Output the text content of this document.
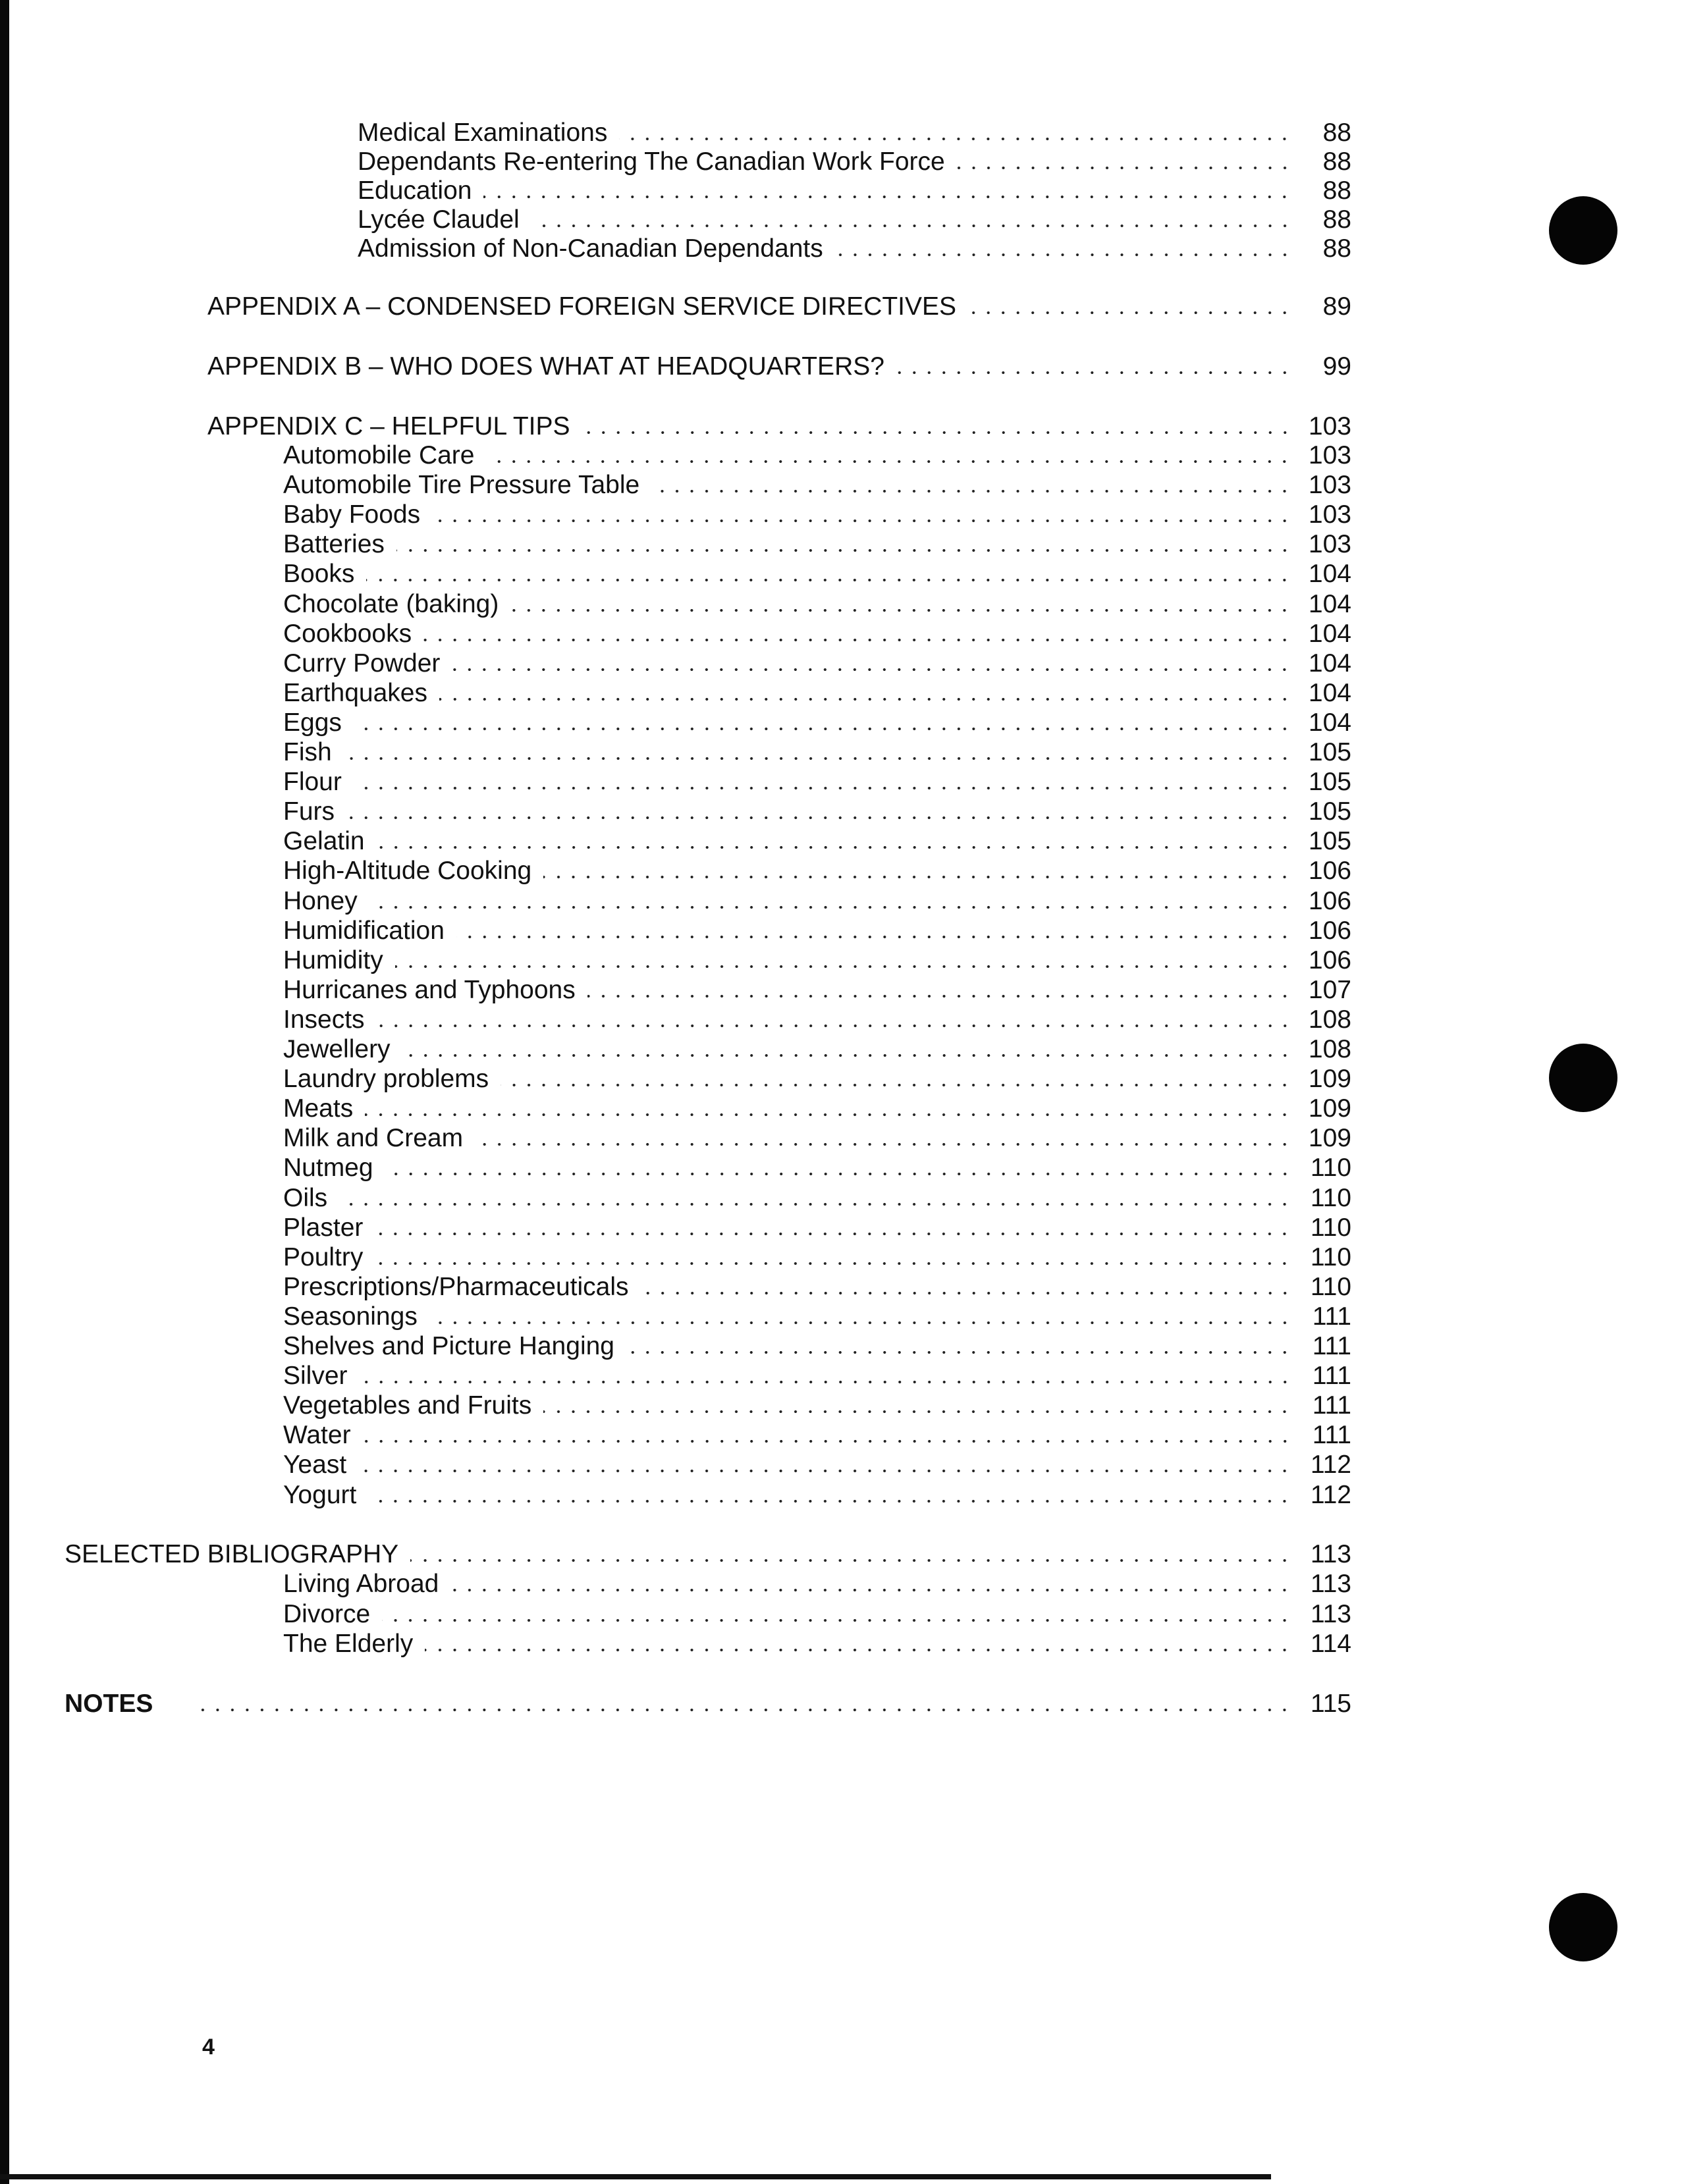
Medical Examinations	88
Dependants Re-entering The Canadian Work Force	88
Education	88
Lycée Claudel	88
Admission of Non-Canadian Dependants	88
APPENDIX A – CONDENSED FOREIGN SERVICE DIRECTIVES	89
APPENDIX B – WHO DOES WHAT AT HEADQUARTERS?	99
APPENDIX C – HELPFUL TIPS	103
Automobile Care	103
Automobile Tire Pressure Table	103
Baby Foods	103
Batteries	103
Books	104
Chocolate (baking)	104
Cookbooks	104
Curry Powder	104
Earthquakes	104
Eggs	104
Fish	105
Flour	105
Furs	105
Gelatin	105
High-Altitude Cooking	106
Honey	106
Humidification	106
Humidity	106
Hurricanes and Typhoons	107
Insects	108
Jewellery	108
Laundry problems	109
Meats	109
Milk and Cream	109
Nutmeg	110
Oils	110
Plaster	110
Poultry	110
Prescriptions/Pharmaceuticals	110
Seasonings	111
Shelves and Picture Hanging	111
Silver	111
Vegetables and Fruits	111
Water	111
Yeast	112
Yogurt	112
SELECTED BIBLIOGRAPHY	113
Living Abroad	113
Divorce	113
The Elderly	114
NOTES	115
4
